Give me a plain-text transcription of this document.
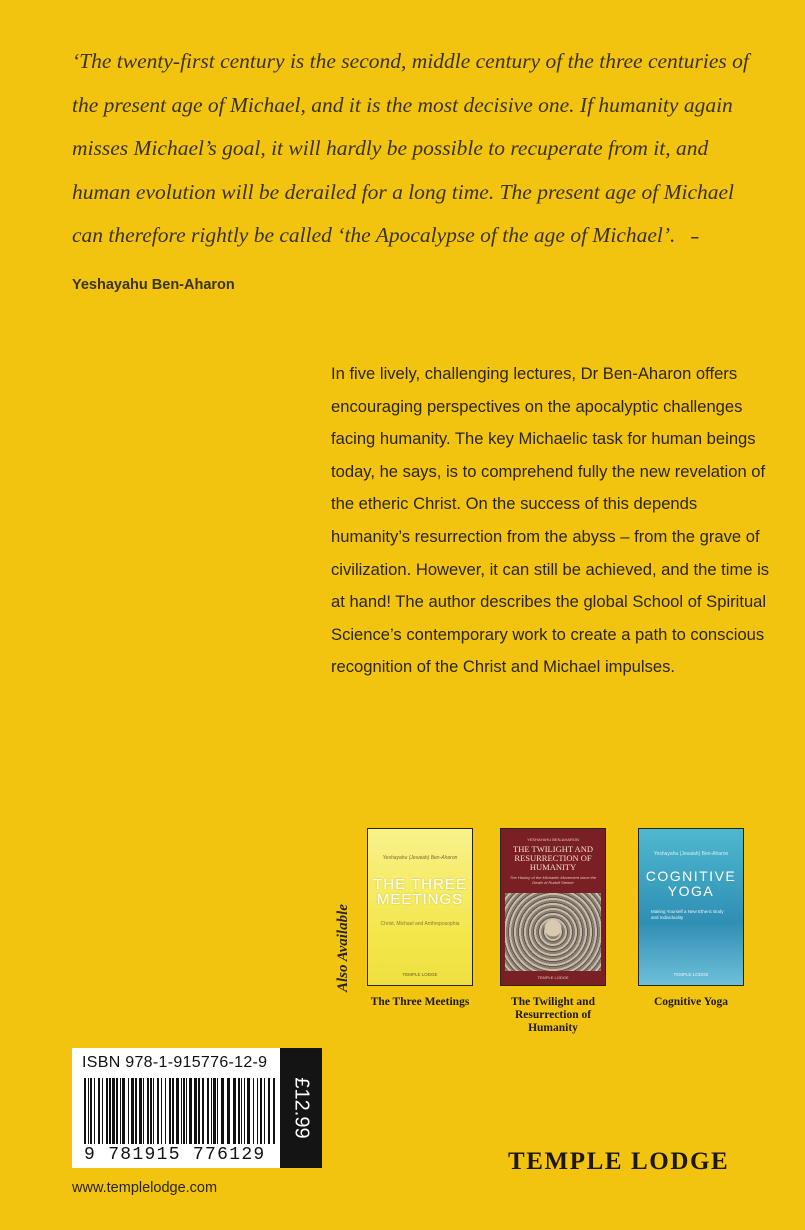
‘The twenty-first century is the second, middle century of the three centuries of the present age of Michael, and it is the most decisive one. If humanity again misses Michael’s goal, it will hardly be possible to recuperate from it, and human evolution will be derailed for a long time. The present age of Michael can therefore rightly be called ‘the Apocalypse of the age of Michael’. – Yeshayahu Ben-Aharon
In five lively, challenging lectures, Dr Ben-Aharon offers encouraging perspectives on the apocalyptic challenges facing humanity. The key Michaelic task for human beings today, he says, is to comprehend fully the new revelation of the etheric Christ. On the success of this depends humanity’s resurrection from the abyss – from the grave of civilization. However, it can still be achieved, and the time is at hand! The author describes the global School of Spiritual Science’s contemporary work to create a path to conscious recognition of the Christ and Michael impulses.
Also Available
Yeshayahu (Jesaiah) Ben-Aharon
THE THREE MEETINGS
Christ, Michael and Anthroposophia
TEMPLE LODGE
The Three Meetings
YESHAYAHU BEN-AHARON
THE TWILIGHT AND RESURRECTION OF HUMANITY
The History of the Michaelic Movement since the Death of Rudolf Steiner
TEMPLE LODGE
The Twilight and Resurrection of Humanity
Yeshayahu (Jesaiah) Ben-Aharon
COGNITIVE YOGA
Making Yourself a New Etheric Body and Individuality
TEMPLE LODGE
Cognitive Yoga
ISBN 978-1-915776-12-9
9 781915 776129
£12.99
TEMPLE LODGE
www.templelodge.com
